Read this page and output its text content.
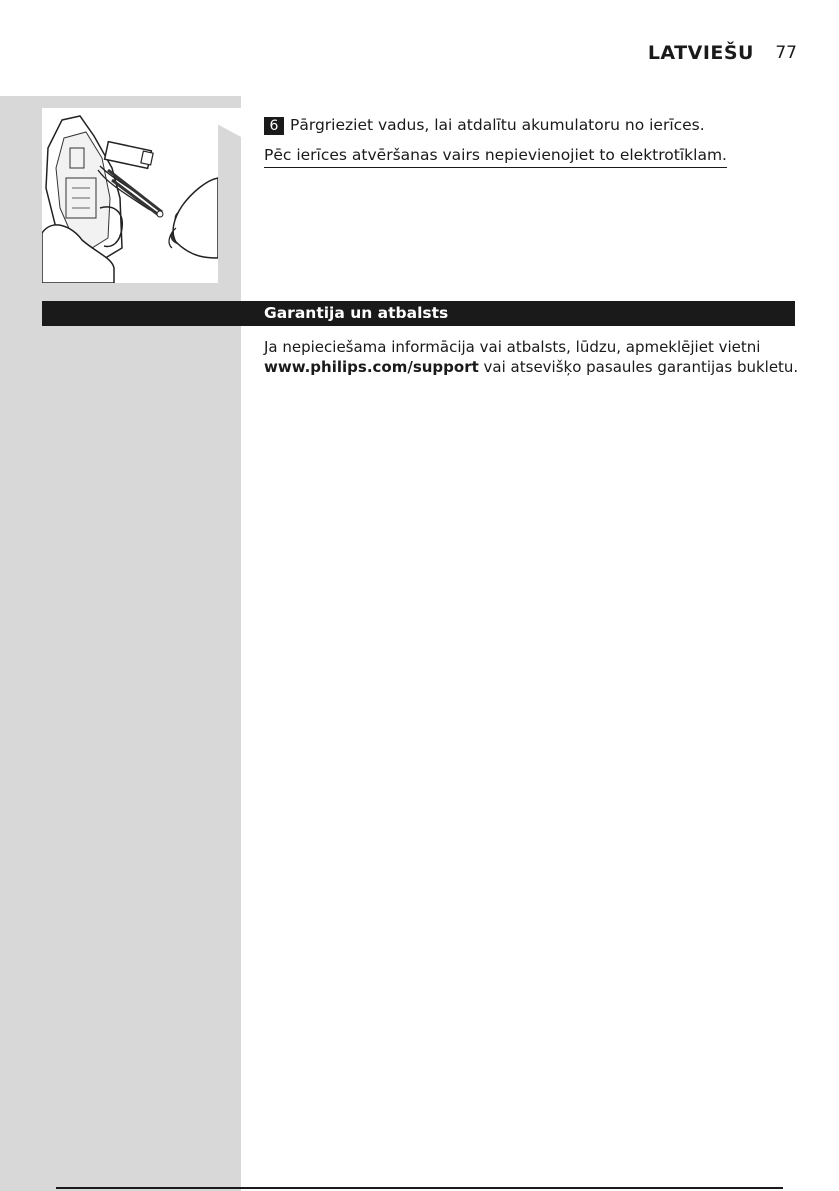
LATVIEŠU 77
6 Pārgrieziet vadus, lai atdalītu akumulatoru no ierīces.
Pēc ierīces atvēršanas vairs nepievienojiet to elektrotīklam.
Garantija un atbalsts
Ja nepieciešama informācija vai atbalsts, lūdzu, apmeklējiet vietni
www.philips.com/support vai atsevišķo pasaules garantijas bukletu.
